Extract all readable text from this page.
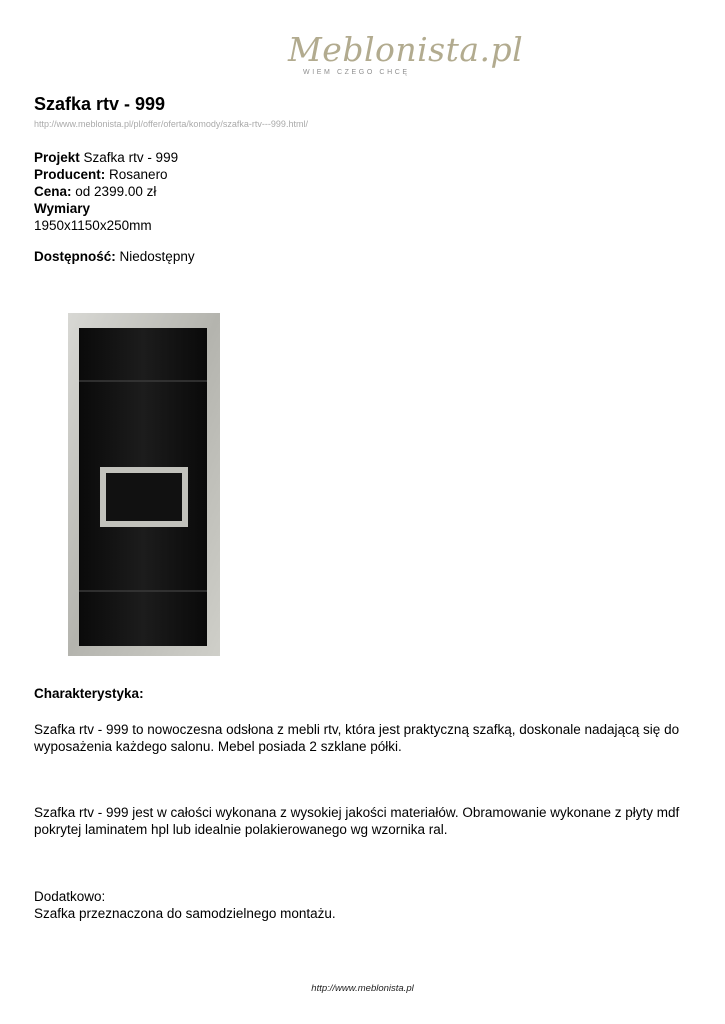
Meblonista.pl
WIEM CZEGO CHCĘ
Szafka rtv - 999
http://www.meblonista.pl/pl/offer/oferta/komody/szafka-rtv---999.html/
Projekt Szafka rtv - 999
Producent: Rosanero
Cena: od 2399.00 zł
Wymiary
1950x1150x250mm
Dostępność: Niedostępny
Charakterystyka:
Szafka rtv - 999 to nowoczesna odsłona z mebli rtv, która jest praktyczną szafką, doskonale nadającą się do wyposażenia każdego salonu. Mebel posiada 2 szklane półki.
Szafka rtv - 999 jest w całości wykonana z wysokiej jakości materiałów. Obramowanie wykonane z płyty mdf pokrytej laminatem hpl lub idealnie polakierowanego wg wzornika ral.
Dodatkowo:
Szafka przeznaczona do samodzielnego montażu.
http://www.meblonista.pl
